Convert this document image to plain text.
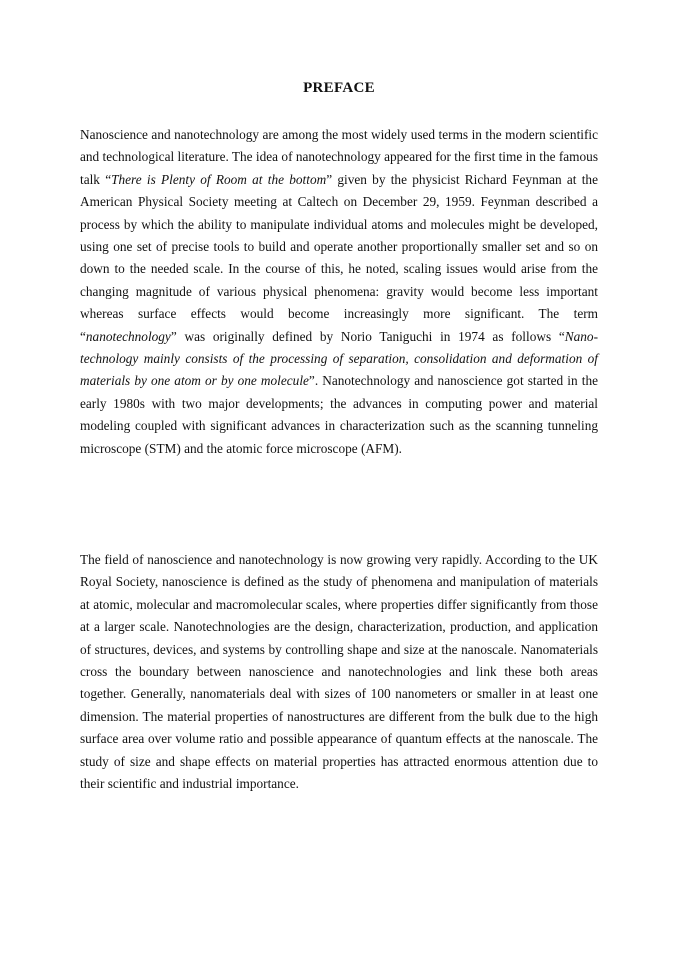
PREFACE

Nanoscience and nanotechnology are among the most widely used terms in the modern scientific and technological literature. The idea of nanotechnology appeared for the first time in the famous talk “There is Plenty of Room at the bottom” given by the physicist Richard Feynman at the American Physical Society meeting at Caltech on December 29, 1959. Feynman described a process by which the ability to manipulate individual atoms and molecules might be developed, using one set of precise tools to build and operate another proportionally smaller set and so on down to the needed scale. In the course of this, he noted, scaling issues would arise from the changing magnitude of various physical phenomena: gravity would become less important whereas surface effects would become increasingly more significant. The term “nanotechnology” was originally defined by Norio Taniguchi in 1974 as follows “Nano-technology mainly consists of the processing of separation, consolidation and deformation of materials by one atom or by one molecule”. Nanotechnology and nanoscience got started in the early 1980s with two major developments; the advances in computing power and material modeling coupled with significant advances in characterization such as the scanning tunneling microscope (STM) and the atomic force microscope (AFM).

The field of nanoscience and nanotechnology is now growing very rapidly. According to the UK Royal Society, nanoscience is defined as the study of phenomena and manipulation of materials at atomic, molecular and macromolecular scales, where properties differ significantly from those at a larger scale. Nanotechnologies are the design, characterization, production, and application of structures, devices, and systems by controlling shape and size at the nanoscale. Nanomaterials cross the boundary between nanoscience and nanotechnologies and link these both areas together. Generally, nanomaterials deal with sizes of 100 nanometers or smaller in at least one dimension. The material properties of nanostructures are different from the bulk due to the high surface area over volume ratio and possible appearance of quantum effects at the nanoscale. The study of size and shape effects on material properties has attracted enormous attention due to their scientific and industrial importance.
